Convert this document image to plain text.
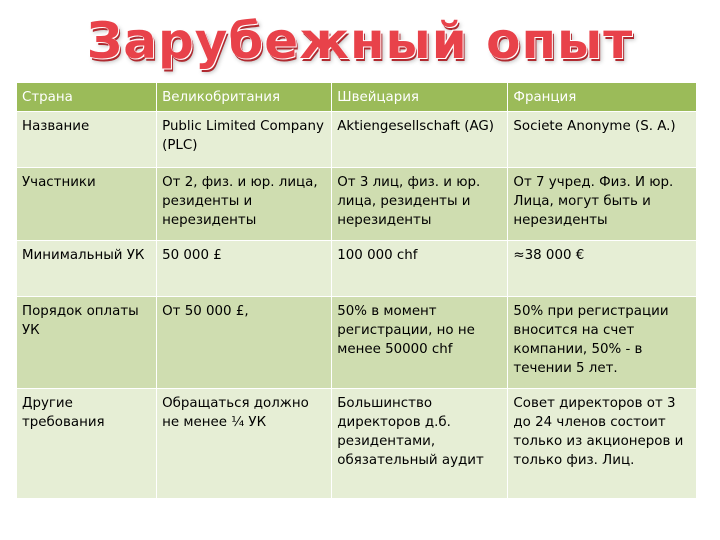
Зарубежный опыт
Страна	Великобритания	Швейцария	Франция
Название	Public Limited Company (PLC)	Aktiengesellschaft (AG)	Societe Anonyme (S. A.)
Участники	От 2, физ. и юр. лица, резиденты и нерезиденты	От 3 лиц, физ. и юр. лица, резиденты и нерезиденты	От 7 учред. Физ. И юр. Лица, могут быть и нерезиденты
Минимальный УК	50 000 £	100 000 chf	≈38 000 €
Порядок оплаты УК	От 50 000 £,	50% в момент регистрации, но не менее 50000 chf	50% при регистрации вносится на счет компании, 50% - в течении 5 лет.
Другие требования	Обращаться должно не менее ¼ УК	Большинство директоров д.б. резидентами, обязательный аудит	Совет директоров от 3 до 24 членов состоит только из акционеров и только физ. Лиц.
